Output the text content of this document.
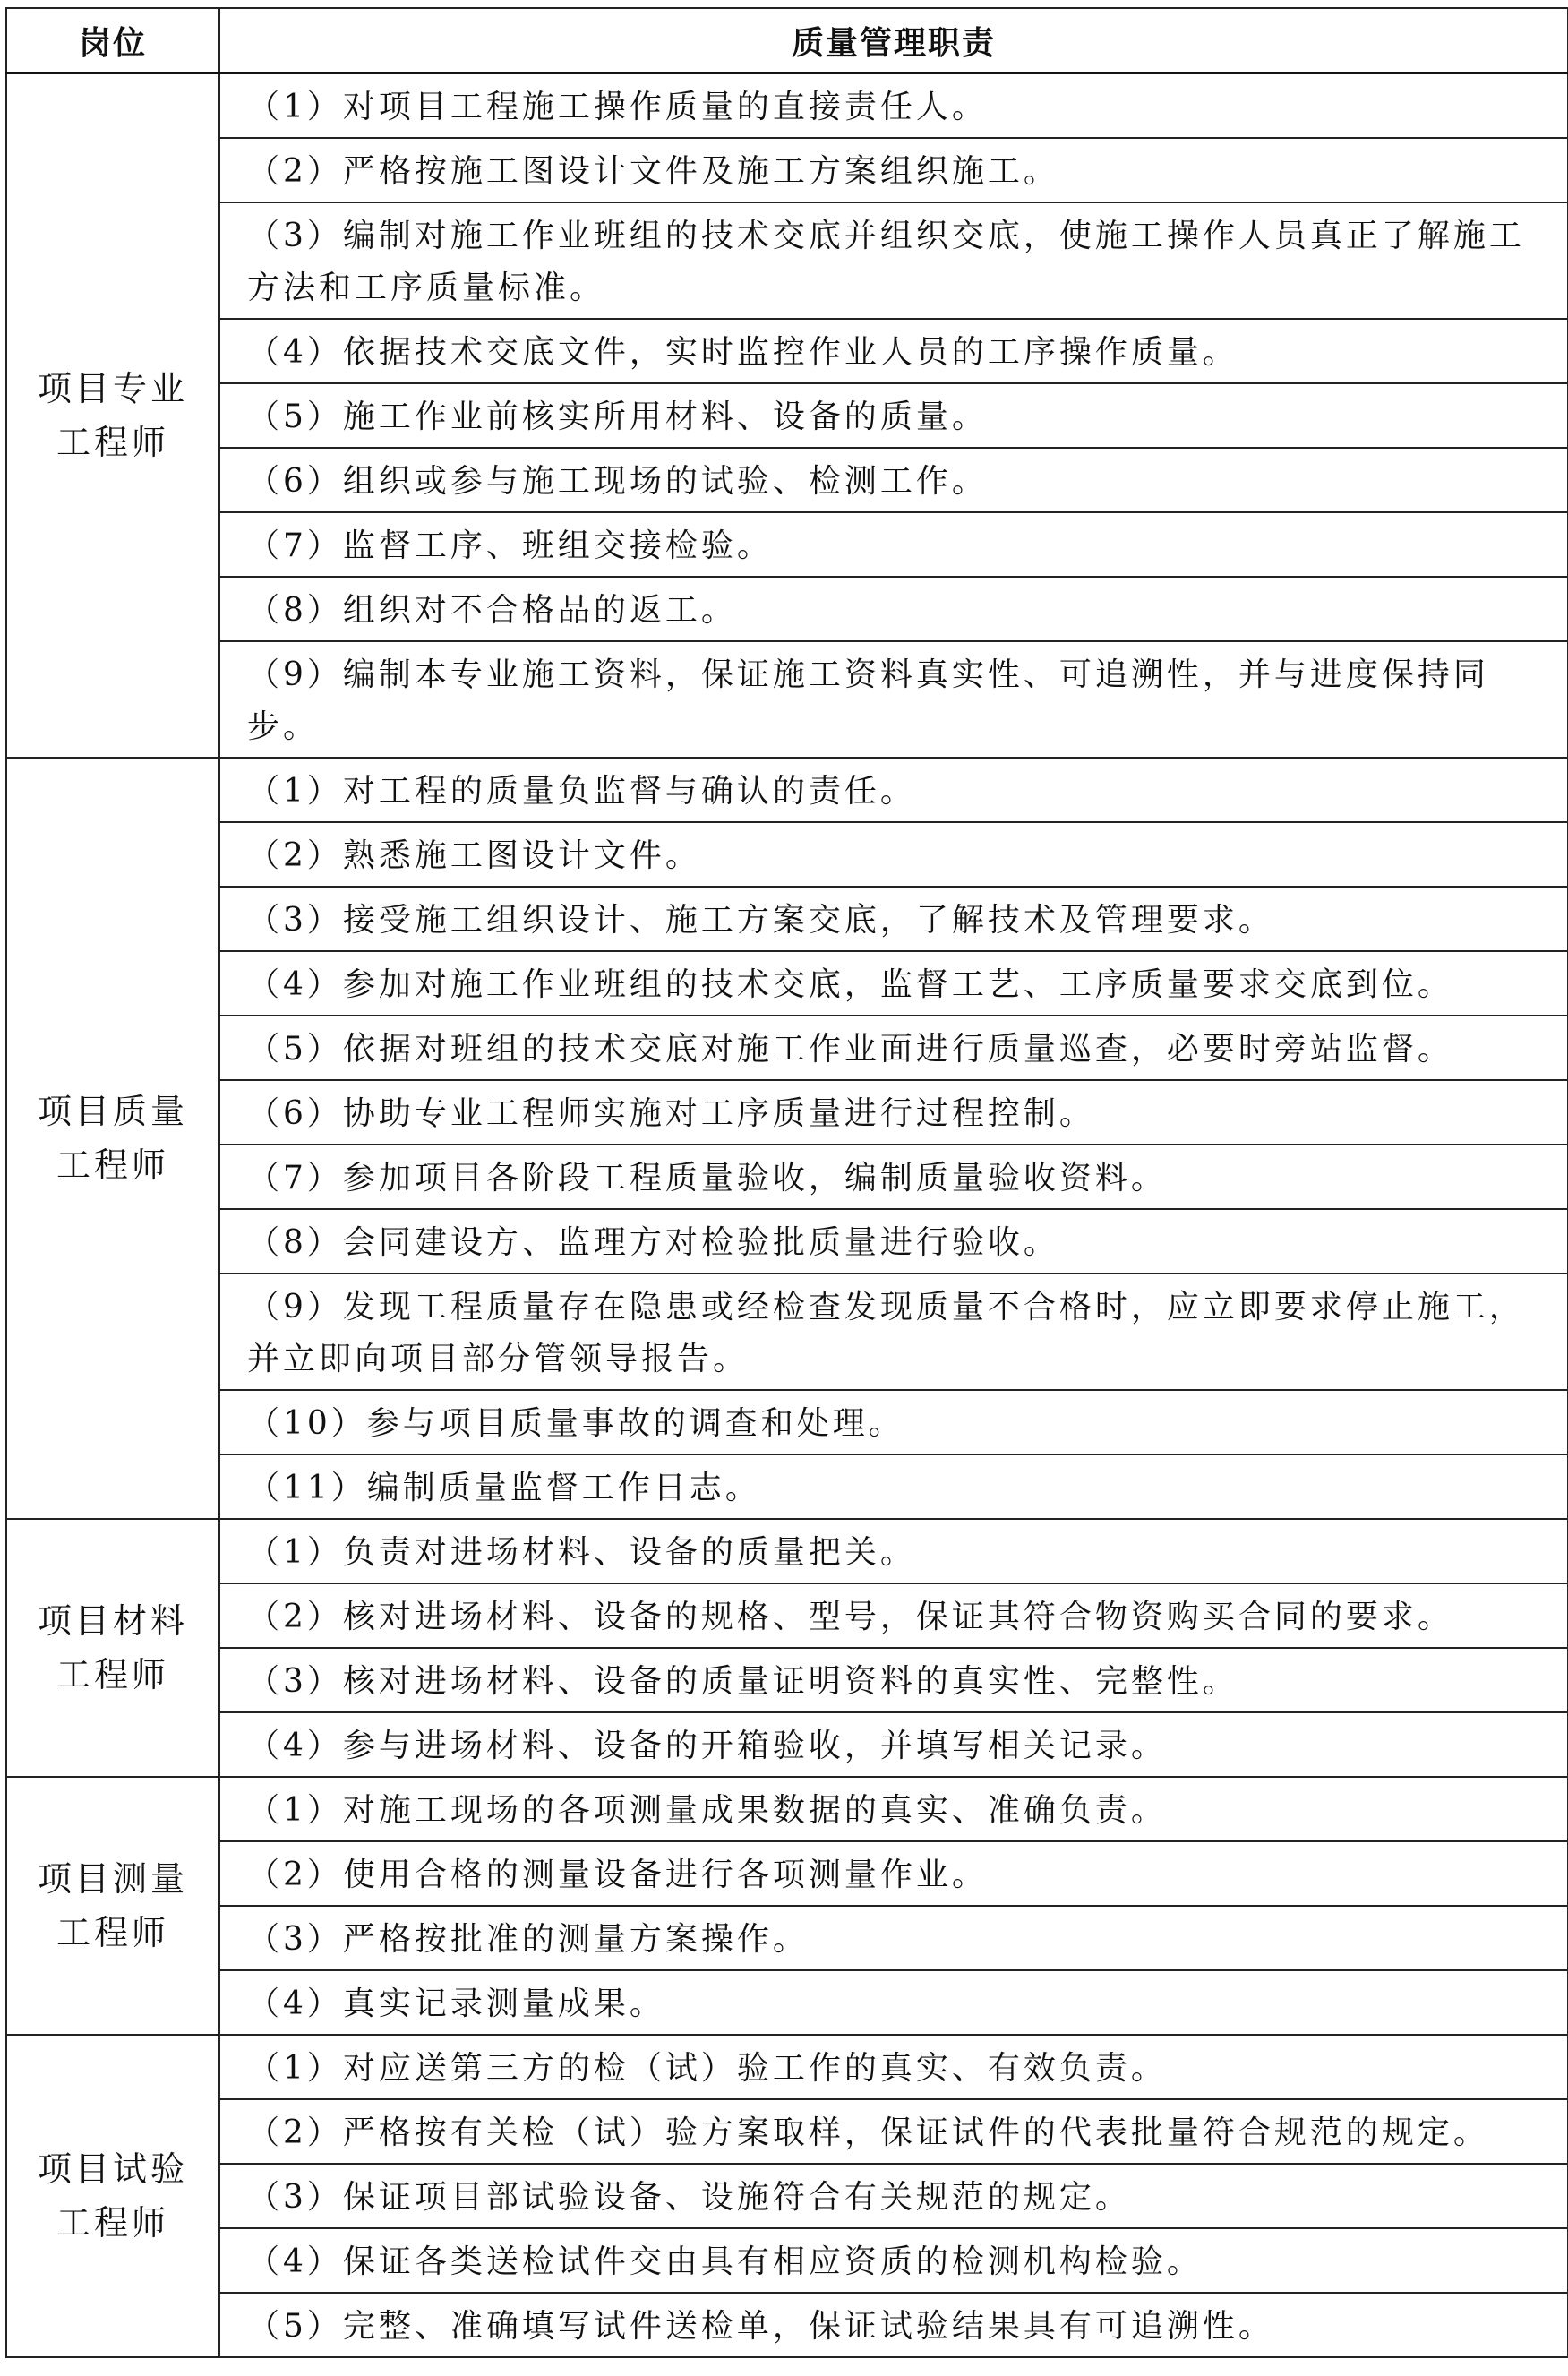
岗位	质量管理职责
项目专业
工程师	（1）对项目工程施工操作质量的直接责任人。
	（2）严格按施工图设计文件及施工方案组织施工。
	（3）编制对施工作业班组的技术交底并组织交底，使施工操作人员真正了解施工方法和工序质量标准。
	（4）依据技术交底文件，实时监控作业人员的工序操作质量。
	（5）施工作业前核实所用材料、设备的质量。
	（6）组织或参与施工现场的试验、检测工作。
	（7）监督工序、班组交接检验。
	（8）组织对不合格品的返工。
	（9）编制本专业施工资料，保证施工资料真实性、可追溯性，并与进度保持同步。
项目质量
工程师	（1）对工程的质量负监督与确认的责任。
	（2）熟悉施工图设计文件。
	（3）接受施工组织设计、施工方案交底，了解技术及管理要求。
	（4）参加对施工作业班组的技术交底，监督工艺、工序质量要求交底到位。
	（5）依据对班组的技术交底对施工作业面进行质量巡查，必要时旁站监督。
	（6）协助专业工程师实施对工序质量进行过程控制。
	（7）参加项目各阶段工程质量验收，编制质量验收资料。
	（8）会同建设方、监理方对检验批质量进行验收。
	（9）发现工程质量存在隐患或经检查发现质量不合格时，应立即要求停止施工，并立即向项目部分管领导报告。
	（10）参与项目质量事故的调查和处理。
	（11）编制质量监督工作日志。
项目材料
工程师	（1）负责对进场材料、设备的质量把关。
	（2）核对进场材料、设备的规格、型号，保证其符合物资购买合同的要求。
	（3）核对进场材料、设备的质量证明资料的真实性、完整性。
	（4）参与进场材料、设备的开箱验收，并填写相关记录。
项目测量
工程师	（1）对施工现场的各项测量成果数据的真实、准确负责。
	（2）使用合格的测量设备进行各项测量作业。
	（3）严格按批准的测量方案操作。
	（4）真实记录测量成果。
项目试验
工程师	（1）对应送第三方的检（试）验工作的真实、有效负责。
	（2）严格按有关检（试）验方案取样，保证试件的代表批量符合规范的规定。
	（3）保证项目部试验设备、设施符合有关规范的规定。
	（4）保证各类送检试件交由具有相应资质的检测机构检验。
	（5）完整、准确填写试件送检单，保证试验结果具有可追溯性。
